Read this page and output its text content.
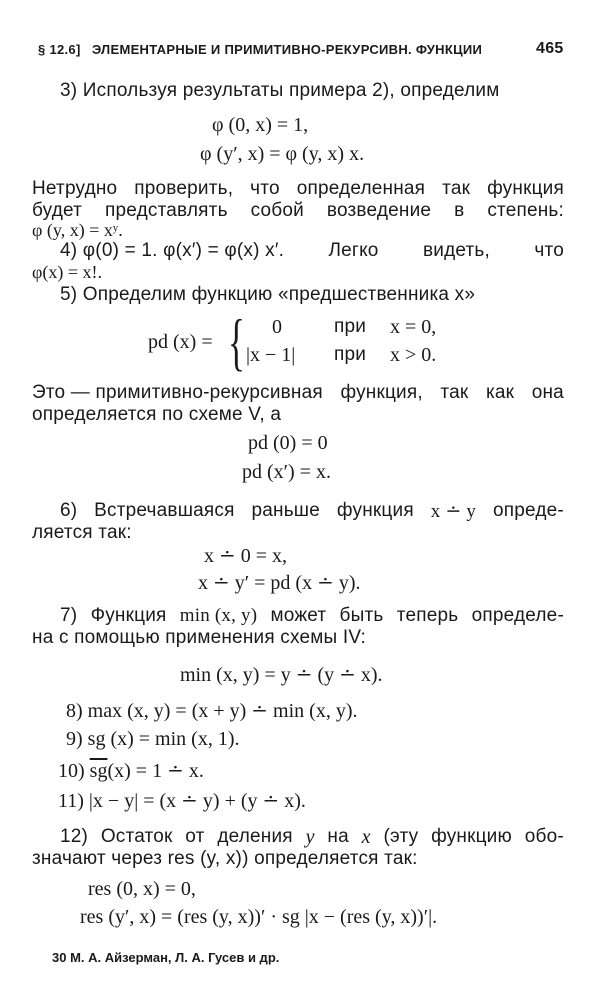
§ 12.6] ЭЛЕМЕНТАРНЫЕ И ПРИМИТИВНО-РЕКУРСИВН. ФУНКЦИИ	465
3) Используя результаты примера 2), определим
φ (0, x) = 1,
φ (y′, x) = φ (y, x) x.
Нетрудно проверить, что определенная так функция
будет представлять собой возведение в степень:
φ (y, x) = xʸ.
4) φ(0) = 1. φ(x′) = φ(x) x′. Легко видеть, что
φ(x) = x!.
5) Определим функцию «предшественника x»
pd (x) = { 0	при x = 0,
|x − 1| при x > 0.
Это — примитивно-рекурсивная функция, так как она
определяется по схеме V, а
pd (0) = 0
pd (x′) = x.
6) Встречавшаяся раньше функция x ∸ y опреде-
ляется так:
x ∸ 0 = x,
x ∸ y′ = pd (x ∸ y).
7) Функция min (x, y) может быть теперь определе-
на с помощью применения схемы IV:
min (x, y) = y ∸ (y ∸ x).
8) max (x, y) = (x + y) ∸ min (x, y).
9) sg (x) = min (x, 1).
10) $\overline{sg}(x) = 1$ ∸ x.
11) |x − y| = (x ∸ y) + (y ∸ x).
12) Остаток от деления y на x (эту функцию обо-
значают через res (y, x)) определяется так:
res (0, x) = 0,
res (y′, x) = (res (y, x))′ · sg |x − (res (y, x))′|.
30 М. А. Айзерман, Л. А. Гусев и др.
